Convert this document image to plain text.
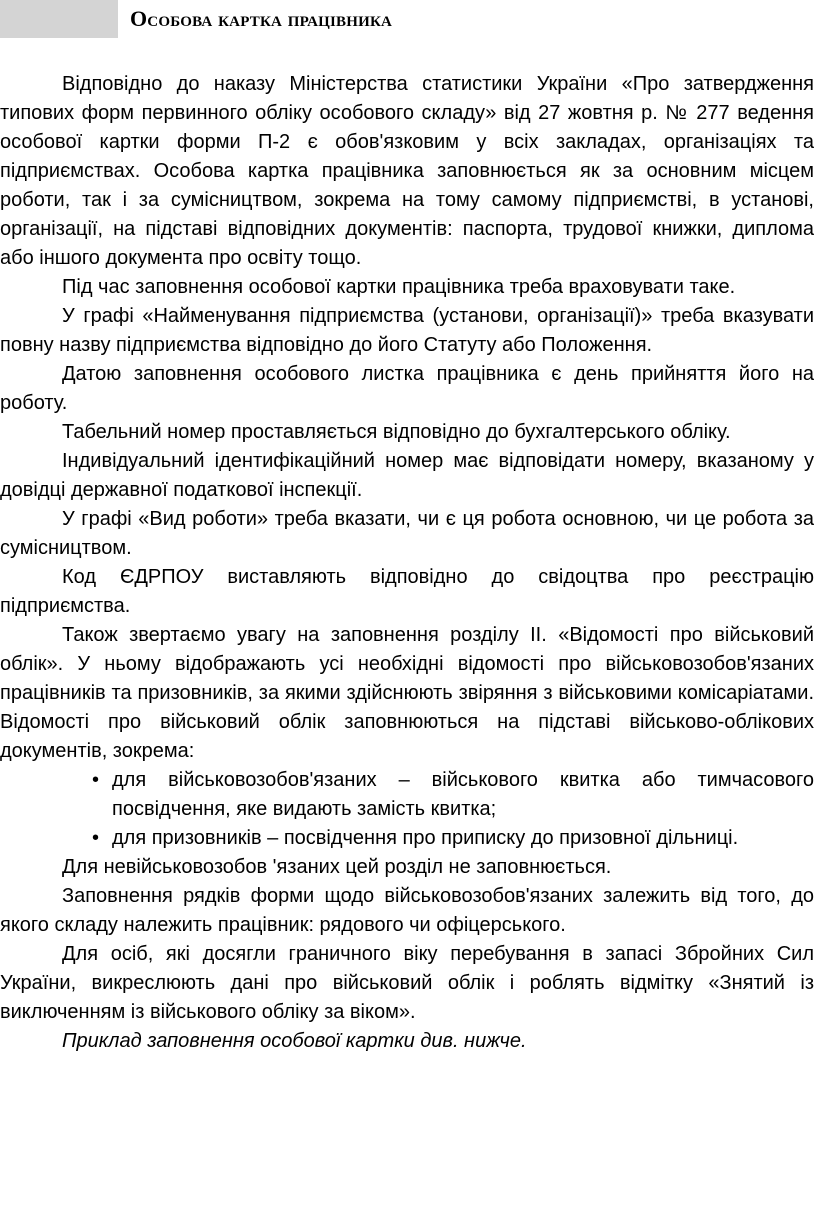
Особова картка працівника

Відповідно до наказу Міністерства статистики України «Про затвердження типових форм первинного обліку особового складу» від 27 жовтня р. № 277 ведення особової картки форми П-2 є обов'язковим у всіх закладах, організаціях та підприємствах. Особова картка працівника заповнюється як за основним місцем роботи, так і за сумісництвом, зокрема на тому самому підприємстві, в установі, організації, на підставі відповідних документів: паспорта, трудової книжки, диплома або іншого документа про освіту тощо.

Під час заповнення особової картки працівника треба враховувати таке.

У графі «Найменування підприємства (установи, організації)» треба вказувати повну назву підприємства відповідно до його Статуту або Положення.

Датою заповнення особового листка працівника є день прийняття його на роботу.

Табельний номер проставляється відповідно до бухгалтерського обліку.

Індивідуальний ідентифікаційний номер має відповідати номеру, вказаному у довідці державної податкової інспекції.

У графі «Вид роботи» треба вказати, чи є ця робота основною, чи це робота за сумісництвом.

Код ЄДРПОУ виставляють відповідно до свідоцтва про реєстрацію підприємства.

Також звертаємо увагу на заповнення розділу ІІ. «Відомості про військовий облік». У ньому відображають усі необхідні відомості про військовозобов'язаних працівників та призовників, за якими здійснюють звіряння з військовими комісаріатами. Відомості про військовий облік заповнюються на підставі військово-облікових документів, зокрема:

• для військовозобов'язаних – військового квитка або тимчасового посвідчення, яке видають замість квитка;
• для призовників – посвідчення про приписку до призовної дільниці.

Для невійськовозобов 'язаних цей розділ не заповнюється.

Заповнення рядків форми щодо військовозобов'язаних залежить від того, до якого складу належить працівник: рядового чи офіцерського.

Для осіб, які досягли граничного віку перебування в запасі Збройних Сил України, викреслюють дані про військовий облік і роблять відмітку «Знятий із виключенням із військового обліку за віком».

Приклад заповнення особової картки див. нижче.
